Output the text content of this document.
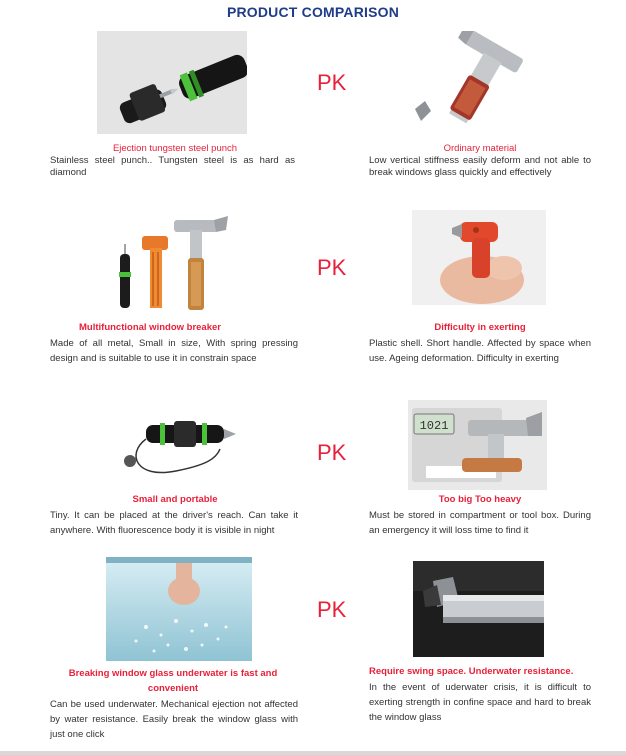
PRODUCT COMPARISON
PK
Ejection tungsten steel punch
Stainless steel punch.. Tungsten steel is as hard as diamond
Ordinary material
Low vertical stiffness easily deform and not able to break windows glass quickly and effectively
PK
Multifunctional window breaker
Made of all metal, Small in size, With spring pressing design and is suitable to use it in constrain space
Difficulty in exerting
Plastic shell. Short handle. Affected by space when use. Ageing deformation. Difficulty in exerting
PK
1021
Small and portable
Tiny. It can be placed at the driver's reach. Can take it anywhere. With fluorescence body it is visible in night
Too big Too heavy
Must be stored in compartment or tool box. During an emergency it will loss time to find it
PK
Breaking window glass underwater is fast and convenient
Can be used underwater. Mechanical ejection not affected by water resistance. Easily break the window glass with just one click
Require swing space. Underwater resistance.
In the event of uderwater crisis, it is difficult to exerting strength in confine space and hard to break the window glass
